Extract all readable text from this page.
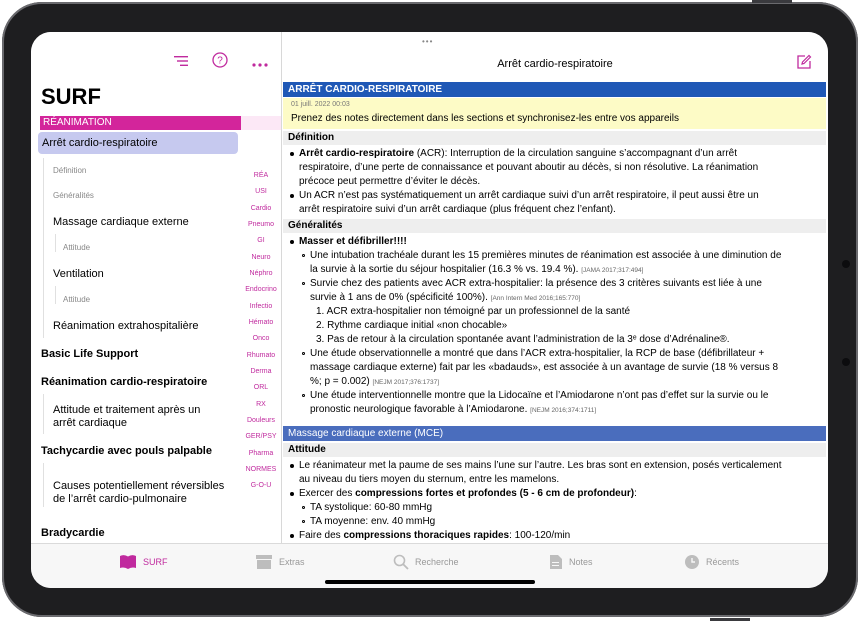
?
SURF
RÉANIMATION
Arrêt cardio-respiratoire
Définition
Généralités
Massage cardiaque externe
Attitude
Ventilation
Attitude
Réanimation extrahospitalière
Basic Life Support
Réanimation cardio-respiratoire
Attitude et traitement après un
arrêt cardiaque
Tachycardie avec pouls palpable
Causes potentiellement réversibles
de l’arrêt cardio-pulmonaire
Bradycardie
RÉA
USI
Cardio
Pneumo
GI
Neuro
Néphro
Endocrino
Infectio
Hémato
Onco
Rhumato
Derma
ORL
RX
Douleurs
GER/PSY
Pharma
NORMES
G-O-U
•••
Arrêt cardio-respiratoire
ARRÊT CARDIO-RESPIRATOIRE
01 juill. 2022 00:03
Prenez des notes directement dans les sections et synchronisez-les entre vos appareils
Définition
Arrêt cardio-respiratoire (ACR): Interruption de la circulation sanguine s’accompagnant d’un arrêt
respiratoire, d’une perte de connaissance et pouvant aboutir au décès, si non résolutive. La réanimation
précoce peut permettre d’éviter le décès.
Un ACR n’est pas systématiquement un arrêt cardiaque suivi d’un arrêt respiratoire, il peut aussi être un
arrêt respiratoire suivi d’un arrêt cardiaque (plus fréquent chez l’enfant).
Généralités
Masser et défibriller!!!!
Une intubation trachéale durant les 15 premières minutes de réanimation est associée à une diminution de
la survie à la sortie du séjour hospitalier (16.3 % vs. 19.4 %). [JAMA 2017;317:494]
Survie chez des patients avec ACR extra-hospitalier: la présence des 3 critères suivants est liée à une
survie à 1 ans de 0% (spécificité 100%). [Ann Intern Med 2016;165:770]
1. ACR extra-hospitalier non témoigné par un professionnel de la santé
2. Rythme cardiaque initial «non chocable»
3. Pas de retour à la circulation spontanée avant l’administration de la 3ᵉ dose d’Adrénaline®.
Une étude observationnelle a montré que dans l’ACR extra-hospitalier, la RCP de base (défibrillateur +
massage cardiaque externe) fait par les «badauds», est associée à un avantage de survie (18 % versus 8
%; p = 0.002) [NEJM 2017;376:1737]
Une étude interventionnelle montre que la Lidocaïne et l’Amiodarone n’ont pas d’effet sur la survie ou le
pronostic neurologique favorable à l’Amiodarone. [NEJM 2016;374:1711]
Massage cardiaque externe (MCE)
Attitude
Le réanimateur met la paume de ses mains l’une sur l’autre. Les bras sont en extension, posés verticalement
au niveau du tiers moyen du sternum, entre les mamelons.
Exercer des compressions fortes et profondes (5 - 6 cm de profondeur):
TA systolique: 60-80 mmHg
TA moyenne: env. 40 mmHg
Faire des compressions thoraciques rapides: 100-120/min
SURF	Extras	Recherche	Notes	Récents
